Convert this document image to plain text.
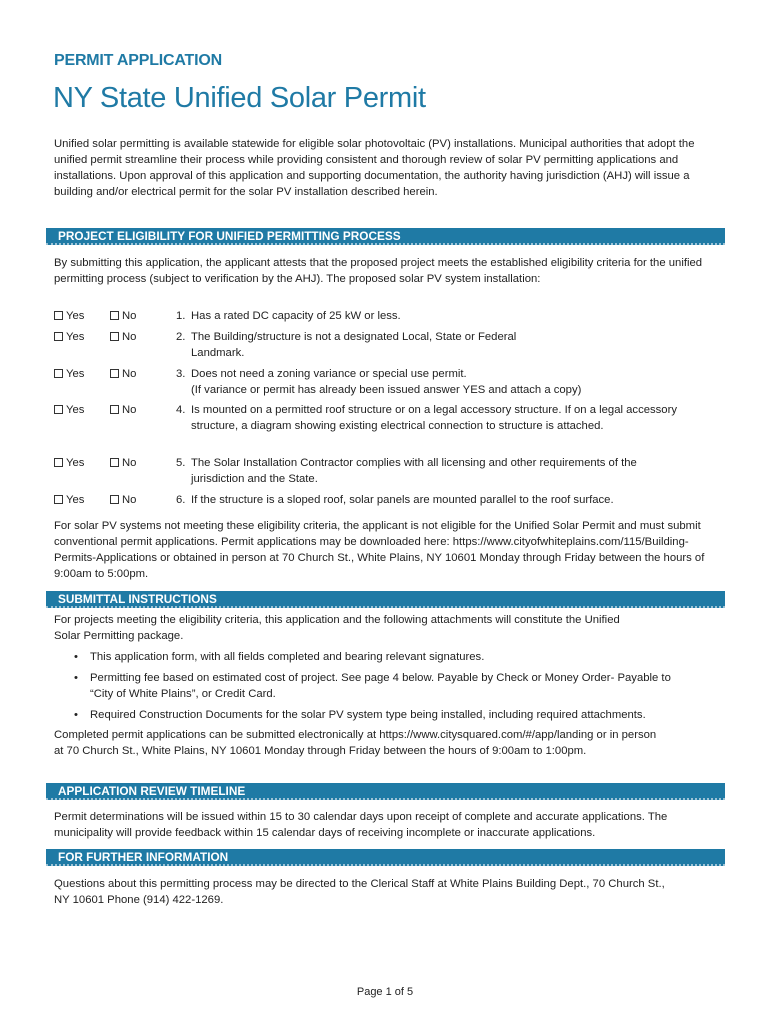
PERMIT APPLICATION
NY State Unified Solar Permit
Unified solar permitting is available statewide for eligible solar photovoltaic (PV) installations. Municipal authorities that adopt the unified permit streamline their process while providing consistent and thorough review of solar PV permitting applications and installations. Upon approval of this application and supporting documentation, the authority having jurisdiction (AHJ) will issue a building and/or electrical permit for the solar PV installation described herein.
PROJECT ELIGIBILITY FOR UNIFIED PERMITTING PROCESS
By submitting this application, the applicant attests that the proposed project meets the established eligibility criteria for the unified permitting process (subject to verification by the AHJ). The proposed solar PV system installation:
Yes	No	1. Has a rated DC capacity of 25 kW or less.
Yes	No	2. The Building/structure is not a designated Local, State or Federal Landmark.
Yes	No	3. Does not need a zoning variance or special use permit.
(If variance or permit has already been issued answer YES and attach a copy)
Yes	No	4. Is mounted on a permitted roof structure or on a legal accessory structure. If on a legal accessory structure, a diagram showing existing electrical connection to structure is attached.
Yes	No	5. The Solar Installation Contractor complies with all licensing and other requirements of the jurisdiction and the State.
Yes	No	6. If the structure is a sloped roof, solar panels are mounted parallel to the roof surface.
For solar PV systems not meeting these eligibility criteria, the applicant is not eligible for the Unified Solar Permit and must submit conventional permit applications. Permit applications may be downloaded here: https://www.cityofwhiteplains.com/115/Building-Permits-Applications or obtained in person at 70 Church St., White Plains, NY 10601 Monday through Friday between the hours of 9:00am to 5:00pm.
SUBMITTAL INSTRUCTIONS
For projects meeting the eligibility criteria, this application and the following attachments will constitute the Unified Solar Permitting package.
• This application form, with all fields completed and bearing relevant signatures.
• Permitting fee based on estimated cost of project. See page 4 below. Payable by Check or Money Order- Payable to “City of White Plains”, or Credit Card.
• Required Construction Documents for the solar PV system type being installed, including required attachments.
Completed permit applications can be submitted electronically at https://www.citysquared.com/#/app/landing or in person at 70 Church St., White Plains, NY 10601 Monday through Friday between the hours of 9:00am to 1:00pm.
APPLICATION REVIEW TIMELINE
Permit determinations will be issued within 15 to 30 calendar days upon receipt of complete and accurate applications. The municipality will provide feedback within 15 calendar days of receiving incomplete or inaccurate applications.
FOR FURTHER INFORMATION
Questions about this permitting process may be directed to the Clerical Staff at White Plains Building Dept., 70 Church St., NY 10601 Phone (914) 422-1269.
Page 1 of 5
